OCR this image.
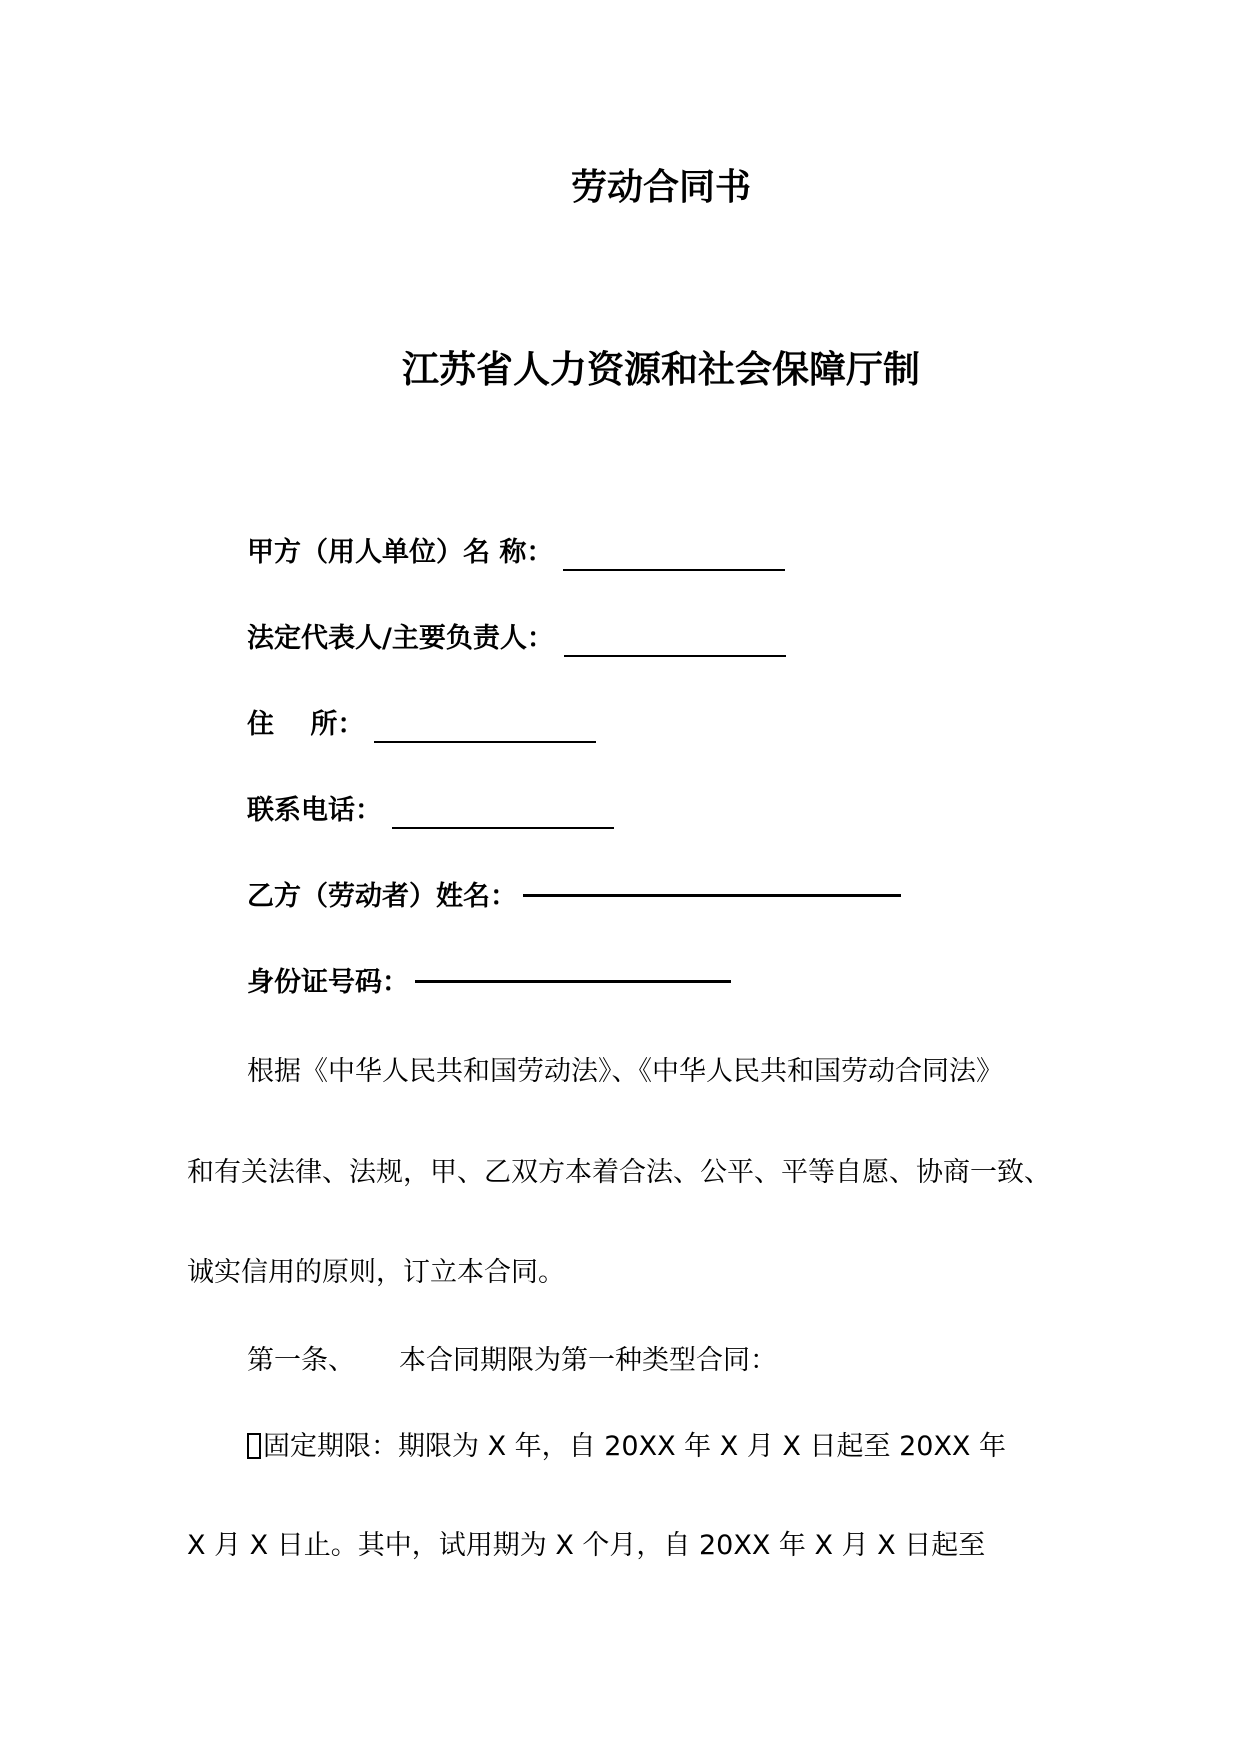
劳动合同书
江苏省人力资源和社会保障厅制
甲方（用人单位）名 称：
法定代表人/主要负责人：
住　 所：
联系电话：
乙方（劳动者）姓名：
身份证号码：
根据《中华人民共和国劳动法》、《中华人民共和国劳动合同法》
和有关法律、法规，甲、乙双方本着合法、公平、平等自愿、协商一致、
诚实信用的原则，订立本合同。
第一条、 本合同期限为第一种类型合同：
固定期限：期限为 X 年，自 20XX 年 X 月 X 日起至 20XX 年
X 月 X 日止。其中，试用期为 X 个月，自 20XX 年 X 月 X 日起至
